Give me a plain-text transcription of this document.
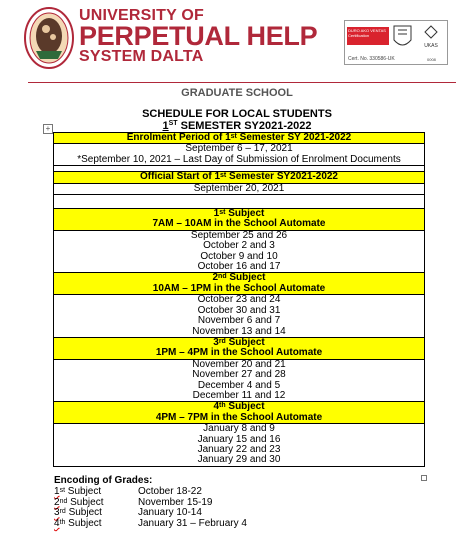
UNIVERSITY OF
PERPETUAL HELP
SYSTEM DALTA
DURO AKO VENTAS
Certification
UKAS
Cert. No. 330586-UK	0008
GRADUATE SCHOOL
SCHEDULE FOR LOCAL STUDENTS
1ST SEMESTER SY2021-2022
+
Enrolment Period of 1st Semester SY 2021-2022

September 6 – 17, 2021
*September 10, 2021 – Last Day of Submission of Enrolment Documents

Official Start of 1st Semester SY2021-2022
September 20, 2021

1st Subject
7AM – 10AM in the School Automate

September 25 and 26
October 2 and 3
October 9 and 10
October 16 and 17

2nd Subject
10AM – 1PM in the School Automate

October 23 and 24
October 30 and 31
November 6 and 7
November 13 and 14

3rd Subject
1PM – 4PM in the School Automate

November 20 and 21
November 27 and 28
December 4 and 5
December 11 and 12

4th Subject
4PM – 7PM in the School Automate

January 8 and 9
January 15 and 16
January 22 and 23
January 29 and 30
Encoding of Grades:
1st Subject	October 18-22
2nd Subject	November 15-19
3rd Subject	January 10-14
4th Subject	January 31 – February 4
